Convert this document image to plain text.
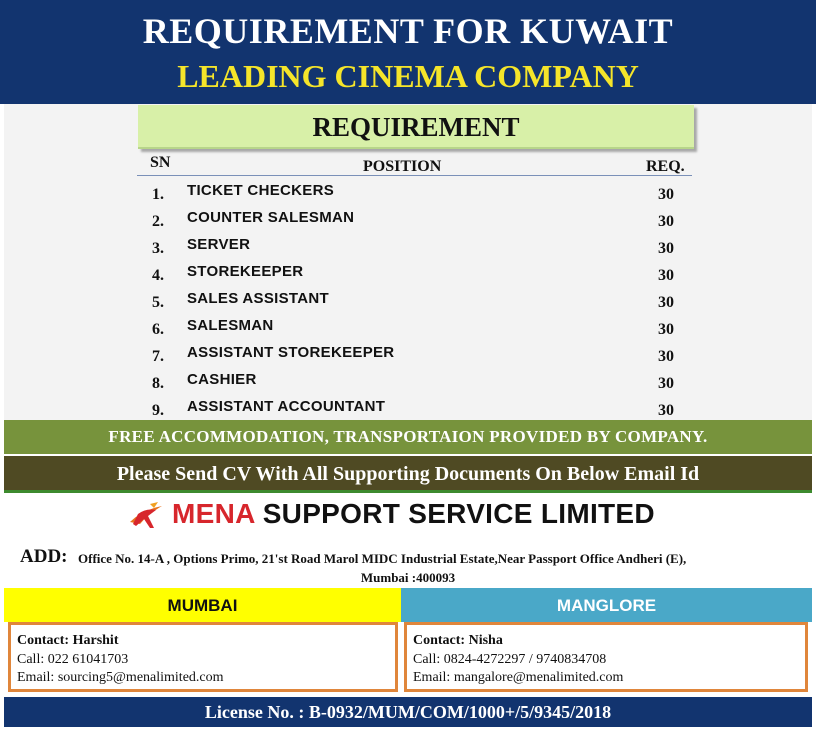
REQUIREMENT FOR KUWAIT
LEADING CINEMA COMPANY
REQUIREMENT
SN	POSITION	REQ.
1. TICKET CHECKERS	30
2. COUNTER SALESMAN	30
3. SERVER	30
4. STOREKEEPER	30
5. SALES ASSISTANT	30
6. SALESMAN	30
7. ASSISTANT STOREKEEPER	30
8. CASHIER	30
9. ASSISTANT ACCOUNTANT	30
FREE ACCOMMODATION, TRANSPORTAION PROVIDED BY COMPANY.
Please Send CV With All Supporting Documents On Below Email Id
MENA SUPPORT SERVICE LIMITED
ADD: Office No. 14-A , Options Primo, 21'st Road Marol MIDC Industrial Estate,Near Passport Office Andheri (E),
Mumbai :400093
MUMBAI	MANGLORE
Contact: Harshit
Call: 022 61041703
Email: sourcing5@menalimited.com
Contact: Nisha
Call: 0824-4272297 / 9740834708
Email: mangalore@menalimited.com
License No. : B-0932/MUM/COM/1000+/5/9345/2018
